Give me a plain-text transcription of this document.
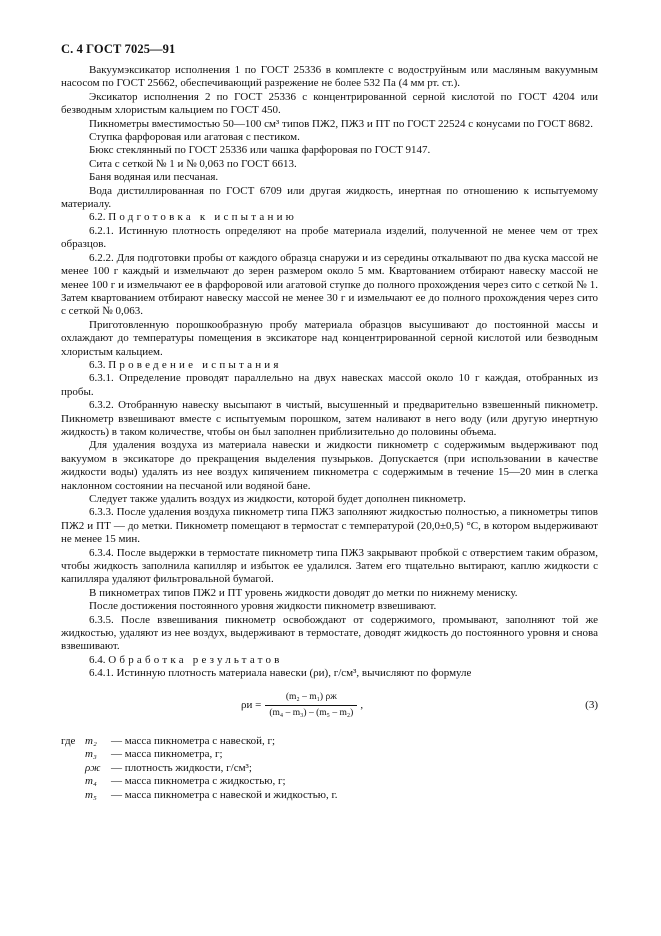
С. 4 ГОСТ 7025—91

Вакуумэксикатор исполнения 1 по ГОСТ 25336 в комплекте с водоструйным или масляным вакуумным насосом по ГОСТ 25662, обеспечивающий разрежение не более 532 Па (4 мм рт. ст.).

Эксикатор исполнения 2 по ГОСТ 25336 с концентрированной серной кислотой по ГОСТ 4204 или безводным хлористым кальцием по ГОСТ 450.

Пикнометры вместимостью 50—100 см³ типов ПЖ2, ПЖ3 и ПТ по ГОСТ 22524 с конусами по ГОСТ 8682.

Ступка фарфоровая или агатовая с пестиком.

Бюкс стеклянный по ГОСТ 25336 или чашка фарфоровая по ГОСТ 9147.

Сита с сеткой № 1 и № 0,063 по ГОСТ 6613.

Баня водяная или песчаная.

Вода дистиллированная по ГОСТ 6709 или другая жидкость, инертная по отношению к испытуемому материалу.

6.2. Подготовка к испытанию

6.2.1. Истинную плотность определяют на пробе материала изделий, полученной не менее чем от трех образцов.

6.2.2. Для подготовки пробы от каждого образца снаружи и из середины откалывают по два куска массой не менее 100 г каждый и измельчают до зерен размером около 5 мм. Квартованием отбирают навеску массой не менее 100 г и измельчают ее в фарфоровой или агатовой ступке до полного прохождения через сито с сеткой № 1. Затем квартованием отбирают навеску массой не менее 30 г и измельчают ее до полного прохождения через сито с сеткой № 0,063.

Приготовленную порошкообразную пробу материала образцов высушивают до постоянной массы и охлаждают до температуры помещения в эксикаторе над концентрированной серной кислотой или безводным хлористым кальцием.

6.3. Проведение испытания

6.3.1. Определение проводят параллельно на двух навесках массой около 10 г каждая, отобранных из пробы.

6.3.2. Отобранную навеску высыпают в чистый, высушенный и предварительно взвешенный пикнометр. Пикнометр взвешивают вместе с испытуемым порошком, затем наливают в него воду (или другую инертную жидкость) в таком количестве, чтобы он был заполнен приблизительно до половины объема.

Для удаления воздуха из материала навески и жидкости пикнометр с содержимым выдерживают под вакуумом в эксикаторе до прекращения выделения пузырьков. Допускается (при использовании в качестве жидкости воды) удалять из нее воздух кипячением пикнометра с содержимым в течение 15—20 мин в слегка наклонном состоянии на песчаной или водяной бане.

Следует также удалить воздух из жидкости, которой будет дополнен пикнометр.

6.3.3. После удаления воздуха пикнометр типа ПЖ3 заполняют жидкостью полностью, а пикнометры типов ПЖ2 и ПТ — до метки. Пикнометр помещают в термостат с температурой (20,0±0,5) °С, в котором выдерживают не менее 15 мин.

6.3.4. После выдержки в термостате пикнометр типа ПЖ3 закрывают пробкой с отверстием таким образом, чтобы жидкость заполнила капилляр и избыток ее удалился. Затем его тщательно вытирают, каплю жидкости с капилляра удаляют фильтровальной бумагой.

В пикнометрах типов ПЖ2 и ПТ уровень жидкости доводят до метки по нижнему мениску.

После достижения постоянного уровня жидкости пикнометр взвешивают.

6.3.5. После взвешивания пикнометр освобождают от содержимого, промывают, заполняют той же жидкостью, удаляют из нее воздух, выдерживают в термостате, доводят жидкость до постоянного уровня и снова взвешивают.

6.4. Обработка результатов

6.4.1. Истинную плотность материала навески (ρи), г/см³, вычисляют по формуле

$\rho и = \frac{\text{(m₂ – m₁) ρж}}{\text{(m₄ – m₃) – (m₅ – m₂)}}$ ,	(3)
где m₂	— масса пикнометра с навеской, г;
m₃	— масса пикнометра, г;
ρж — плотность жидкости, г/см³;
m₄	— масса пикнометра с жидкостью, г;
m₅	— масса пикнометра с навеской и жидкостью, г.
